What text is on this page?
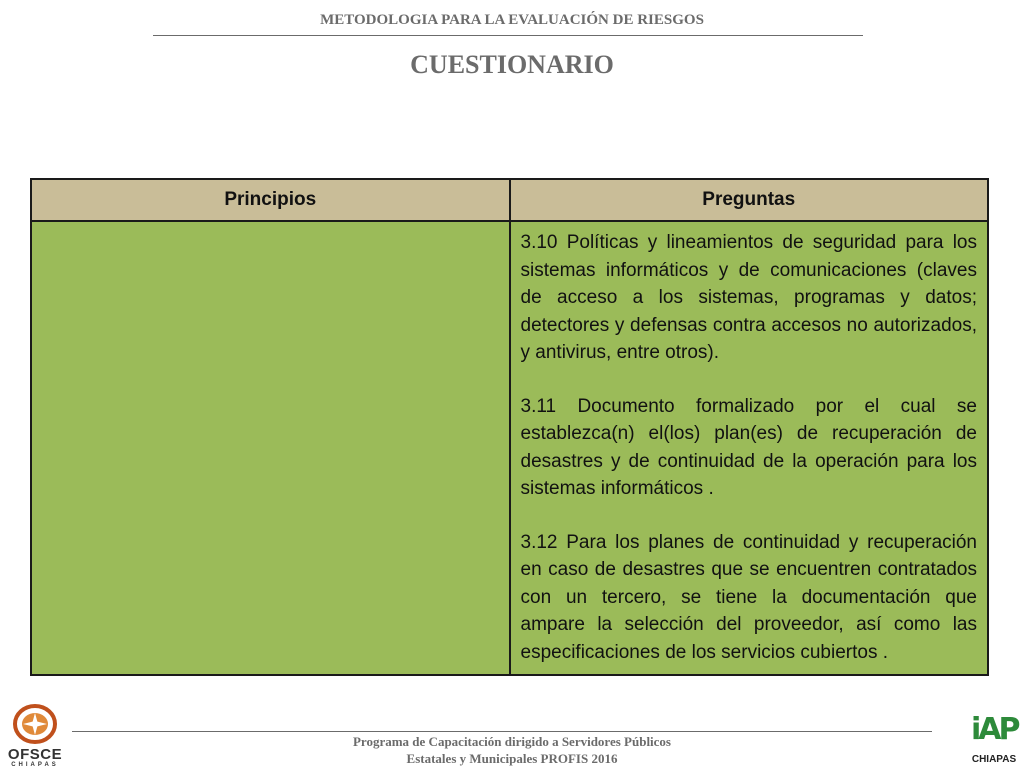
METODOLOGIA PARA LA EVALUACIÓN DE RIESGOS
CUESTIONARIO
Principios	Preguntas

	3.10 Políticas y lineamientos de seguridad para los sistemas informáticos y de comunicaciones (claves de acceso a los sistemas, programas y datos; detectores y defensas contra accesos no autorizados, y antivirus, entre otros).

3.11 Documento formalizado por el cual se establezca(n) el(los) plan(es) de recuperación de desastres y de continuidad de la operación para los sistemas informáticos .

3.12 Para los planes de continuidad y recuperación en caso de desastres que se encuentren contratados con un tercero, se tiene la documentación que ampare la selección del proveedor, así como las especificaciones de los servicios cubiertos .

OFSCE
CHIAPAS
Programa de Capacitación dirigido a Servidores Públicos
Estatales y Municipales PROFIS 2016
iAP
CHIAPAS
